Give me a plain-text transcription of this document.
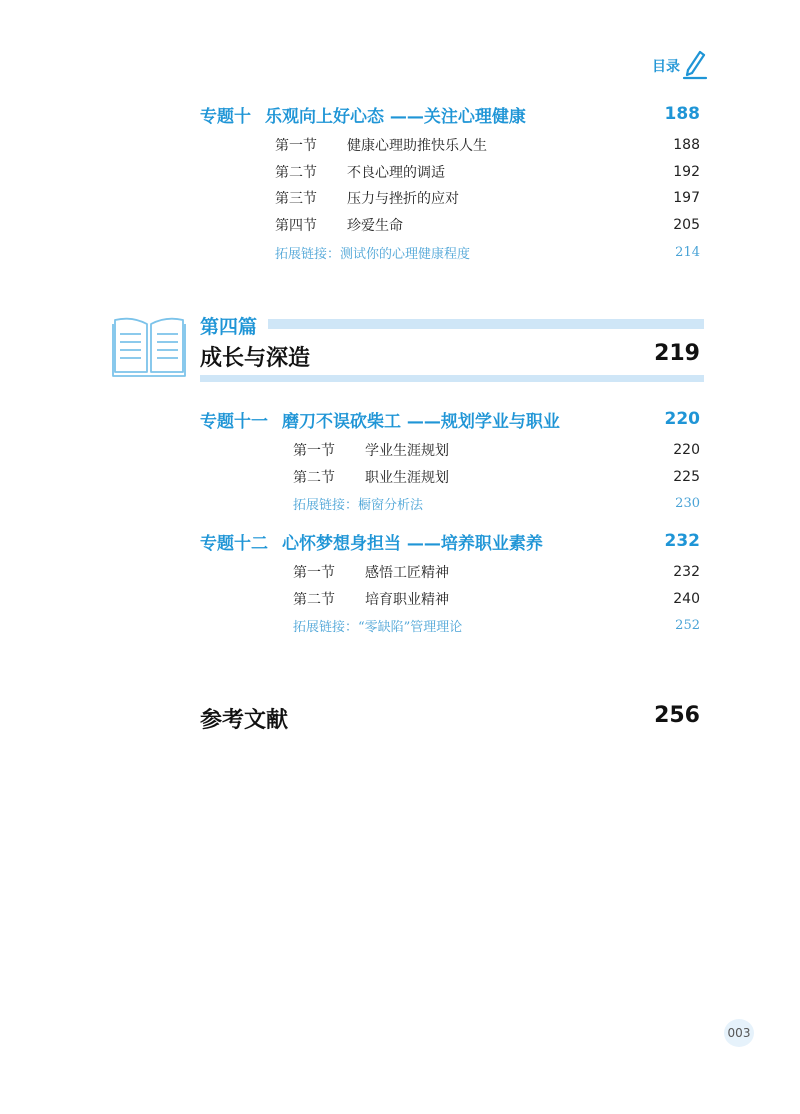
目录
专题十 乐观向上好心态 ——关注心理健康	188
第一节 健康心理助推快乐人生	188
第二节 不良心理的调适	192
第三节 压力与挫折的应对	197
第四节 珍爱生命	205
拓展链接：测试你的心理健康程度	214
第四篇
成长与深造	219
专题十一 磨刀不误砍柴工 ——规划学业与职业	220
第一节 学业生涯规划	220
第二节 职业生涯规划	225
拓展链接：橱窗分析法	230
专题十二 心怀梦想身担当 ——培养职业素养	232
第一节 感悟工匠精神	232
第二节 培育职业精神	240
拓展链接：“零缺陷”管理理论	252
参考文献	256
003
